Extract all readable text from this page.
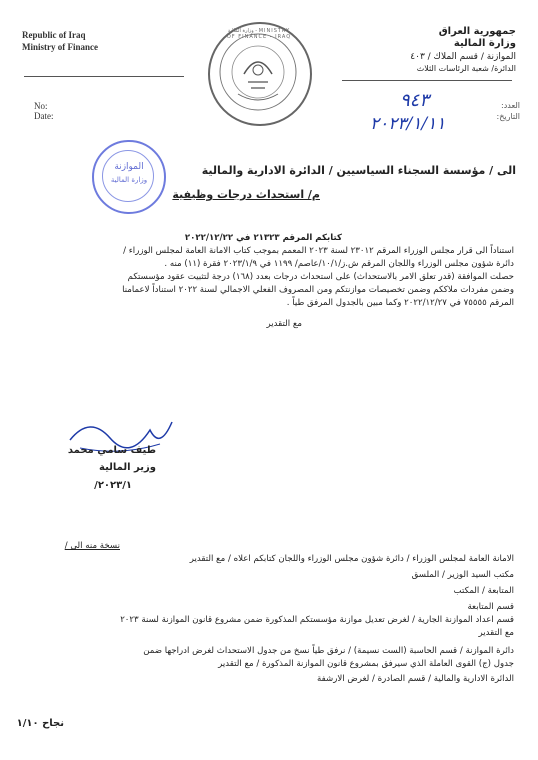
Republic of Iraq
Ministry of Finance
No:
Date:
وزارة المالية - MINISTRY OF FINANCE - IRAQ	جمهورية العراق
وزارة المالية
الموازنة / قسم الملاك / ٤٠٣
الدائرة/ شعبة الرئاسات الثلاث
العدد:
التاريخ:
٩٤٣
٢٠٢٣/١/١١
الموازنة
وزارة المالية
الى / مؤسسة السجناء السياسيين / الدائرة الادارية والمالية
م/ استحداث درجات وظيفية
كتابكم المرقم ٢١٣٢٣ في ٢٠٢٢/١٢/٢٢
استناداً الى قرار مجلس الوزراء المرقم ٢٣٠١٢ لسنة ٢٠٢٣ المعمم بموجب كتاب الامانة العامة لمجلس الوزراء /
دائرة شؤون مجلس الوزراء واللجان المرقم ش.ز/١٠/١/عاصم/ ١١٩٩ في ٢٠٢٣/١/٩ فقرة (١١) منه .
حصلت الموافقة (قدر تعلق الامر بالاستحداث) على استحداث درجات بعدد (١٦٨) درجة لتثبيت عقود مؤسستكم
وضمن مفردات ملاككم وضمن تخصيصات موازنتكم ومن المصروف الفعلي الاجمالي لسنة ٢٠٢٢ استناداً لاعمامنا
المرقم ٧٥٥٥٥ في ٢٠٢٢/١٢/٢٧ وكما مبين بالجدول المرفق طياً .
مع التقدير
طيف سامي محمد
وزير المالية
٢٠٢٣/١/
نسخة منه الى /
الامانة العامة لمجلس الوزراء / دائرة شؤون مجلس الوزراء واللجان كتابكم اعلاه / مع التقدير
مكتب السيد الوزير / الملسق
المتابعة / المكتب
قسم المتابعة
قسم اعداد الموازنة الجارية / لغرض تعديل موازنة مؤسستكم المذكورة ضمن مشروع قانون الموازنة لسنة ٢٠٢٣
مع التقدير
دائرة الموازنة / قسم الحاسبة (الست نسيمة) / نرفق طياً نسخ من جدول الاستحداث لغرض ادراجها ضمن
جدول (ج) القوى العاملة الذي سيرفق بمشروع قانون الموازنة المذكورة / مع التقدير
الدائرة الادارية والمالية / قسم الصادرة / لغرض الارشفة
نجاح ١/١٠
